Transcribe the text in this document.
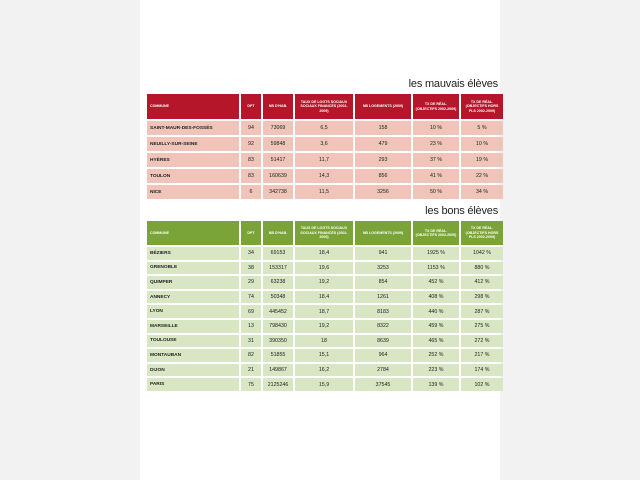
les mauvais élèves
COMMUNE	DPT	NB D'HAB.	TAUX DE LOGTS SOCIAUX SOCIAUX FINANCÉS (2002-2009)	NB LOGEMENTS (2009)	TX DE RÉAL. (OBJECTIFS 2002-2009)	TX DE RÉAL. (OBJECTIFS HORS PLS 2002-2009)
SAINT-MAUR-DES-FOSSÉS	94	73069	6,5	158	10 %	5 %
NEUILLY-SUR-SEINE	92	59848	3,6	479	23 %	10 %
HYÈRES	83	51417	11,7	293	37 %	19 %
TOULON	83	160639	14,3	856	41 %	22 %
NICE	6	342738	11,5	3256	50 %	34 %
les bons élèves
COMMUNE	DPT	NB D'HAB.	TAUX DE LOGTS SOCIAUX SOCIAUX FINANCÉS (2002-2009)	NB LOGEMENTS (2009)	TX DE RÉAL. (OBJECTIFS 2002-2009)	TX DE RÉAL. (OBJECTIFS HORS PLS 2002-2009)
BÉZIERS	34	69153	18,4	941	1925 %	1042 %
GRENOBLE	38	153317	19,6	3253	1153 %	880 %
QUIMPER	29	63238	19,2	854	452 %	412 %
ANNECY	74	50348	18,4	1261	408 %	298 %
LYON	69	445452	18,7	8183	440 %	287 %
MARSEILLE	13	798430	19,2	8322	459 %	275 %
TOULOUSE	31	390350	18	8639	465 %	272 %
MONTAUBAN	82	51855	15,1	964	252 %	217 %
DIJON	21	149867	16,2	2784	223 %	174 %
PARIS	75	2125246	15,9	37545	139 %	102 %
